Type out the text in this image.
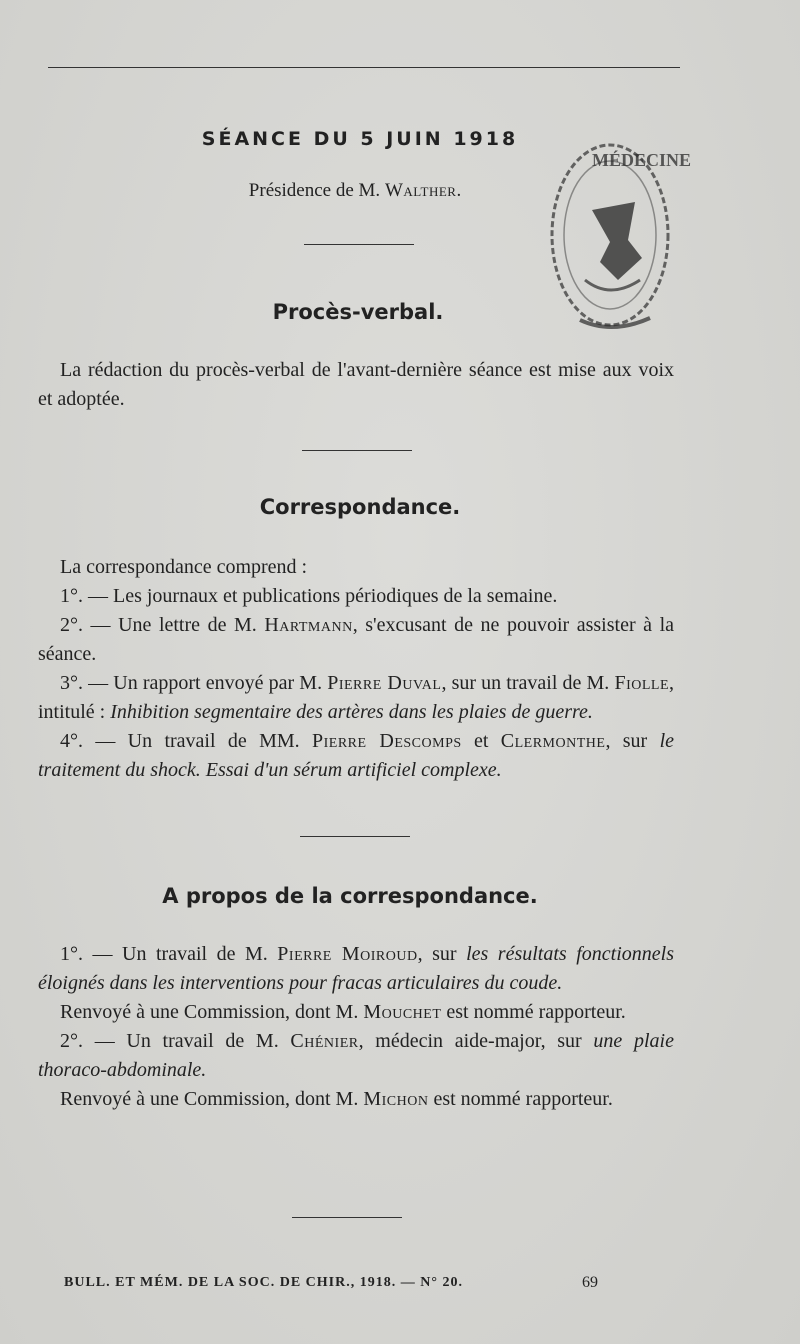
SÉANCE DU 5 JUIN 1918
Présidence de M. Walther.
MÉDECINE
Procès-verbal.

La rédaction du procès-verbal de l'avant-dernière séance est mise aux voix et adoptée.

Correspondance.

La correspondance comprend :

1°. — Les journaux et publications périodiques de la semaine.

2°. — Une lettre de M. Hartmann, s'excusant de ne pouvoir assister à la séance.

3°. — Un rapport envoyé par M. Pierre Duval, sur un travail de M. Fiolle, intitulé : Inhibition segmentaire des artères dans les plaies de guerre.

4°. — Un travail de MM. Pierre Descomps et Clermonthe, sur le traitement du shock. Essai d'un sérum artificiel complexe.

A propos de la correspondance.

1°. — Un travail de M. Pierre Moiroud, sur les résultats fonctionnels éloignés dans les interventions pour fracas articulaires du coude.

Renvoyé à une Commission, dont M. Mouchet est nommé rapporteur.

2°. — Un travail de M. Chénier, médecin aide-major, sur une plaie thoraco-abdominale.

Renvoyé à une Commission, dont M. Michon est nommé rapporteur.

BULL. ET MÉM. DE LA SOC. DE CHIR., 1918. — N° 20.	69
